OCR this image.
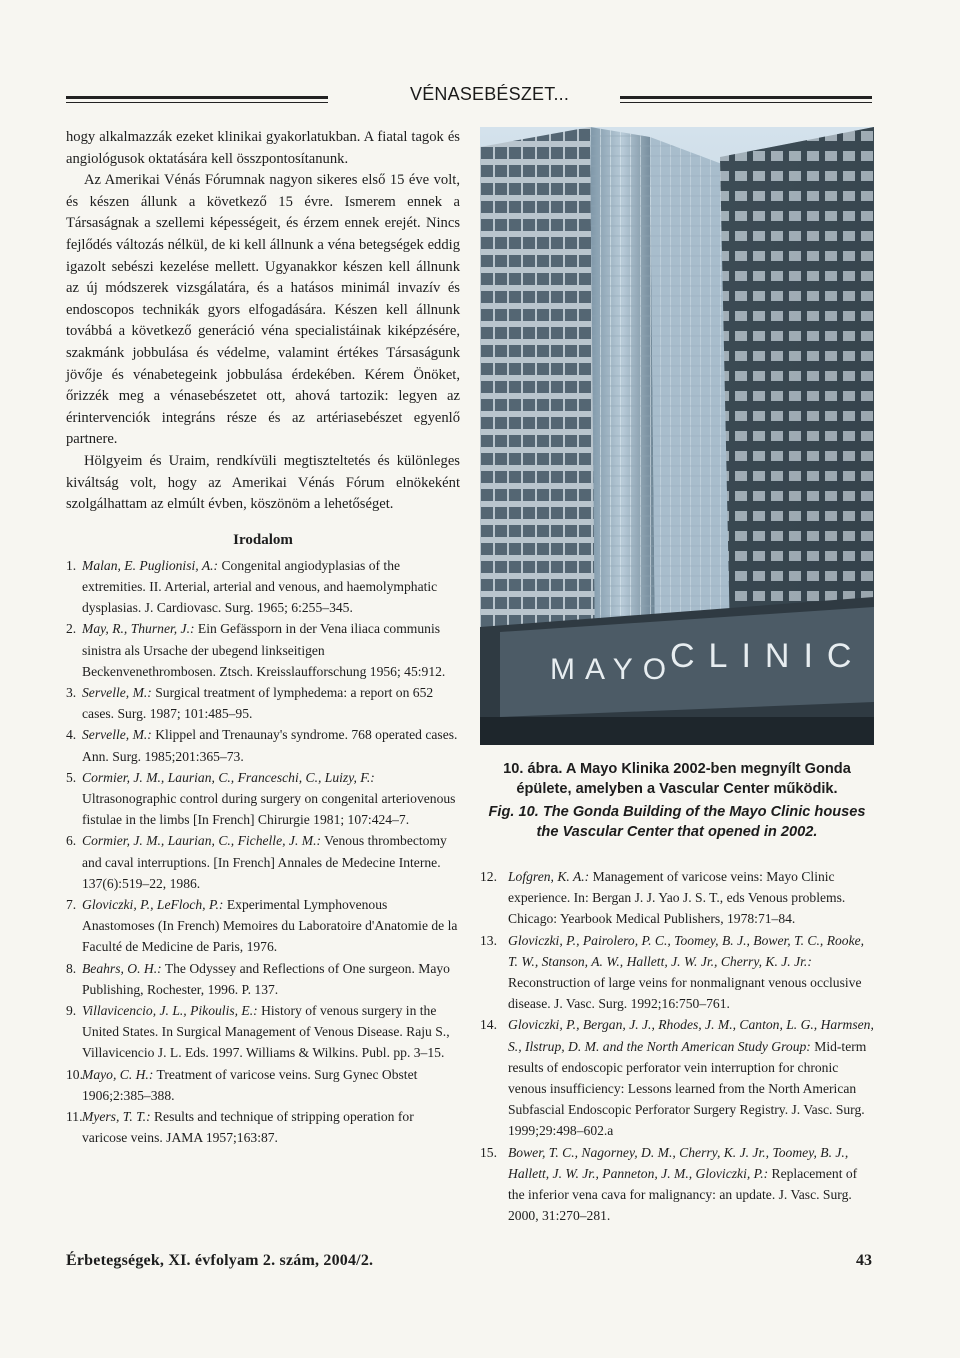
VÉNASEBÉSZET...

hogy alkalmazzák ezeket klinikai gyakorlatukban. A fiatal tagok és angiológusok oktatására kell összpontosítanunk.

Az Amerikai Vénás Fórumnak nagyon sikeres első 15 éve volt, és készen állunk a következő 15 évre. Ismerem ennek a Társaságnak a szellemi képességeit, és érzem ennek erejét. Nincs fejlődés változás nélkül, de ki kell állnunk a véna betegségek eddig igazolt sebészi kezelése mellett. Ugyanakkor készen kell állnunk az új módszerek vizsgálatára, és a hatásos minimál invazív és endoscopos technikák gyors elfogadására. Készen kell állnunk továbbá a következő generáció véna specialistáinak kiképzésére, szakmánk jobbulása és védelme, valamint értékes Társaságunk jövője és vénabetegeink jobbulása érdekében. Kérem Önöket, őrizzék meg a vénasebészetet ott, ahová tartozik: legyen az érintervenciók integráns része és az artériasebészet egyenlő partnere.

Hölgyeim és Uraim, rendkívüli megtiszteltetés és különleges kiváltság volt, hogy az Amerikai Vénás Fórum elnökeként szolgálhattam az elmúlt évben, köszönöm a lehetőséget.

Irodalom
1. Malan, E. Puglionisi, A.: Congenital angiodyplasias of the extremities. II. Arterial, arterial and venous, and haemolymphatic dysplasias. J. Cardiovasc. Surg. 1965; 6:255–345.
2. May, R., Thurner, J.: Ein Gefässporn in der Vena iliaca communis sinistra als Ursache der ubegend linkseitigen Beckenvenethrombosen. Ztsch. Kreisslaufforschung 1956; 45:912.
3. Servelle, M.: Surgical treatment of lymphedema: a report on 652 cases. Surg. 1987; 101:485–95.
4. Servelle, M.: Klippel and Trenaunay's syndrome. 768 operated cases. Ann. Surg. 1985;201:365–73.
5. Cormier, J. M., Laurian, C., Franceschi, C., Luizy, F.: Ultrasonographic control during surgery on congenital arteriovenous fistulae in the limbs [In French] Chirurgie 1981; 107:424–7.
6. Cormier, J. M., Laurian, C., Fichelle, J. M.: Venous thrombectomy and caval interruptions. [In French] Annales de Medecine Interne. 137(6):519–22, 1986.
7. Gloviczki, P., LeFloch, P.: Experimental Lymphovenous Anastomoses (In French) Memoires du Laboratoire d'Anatomie de la Faculté de Medicine de Paris, 1976.
8. Beahrs, O. H.: The Odyssey and Reflections of One surgeon. Mayo Publishing, Rochester, 1996. P. 137.
9. Villavicencio, J. L., Pikoulis, E.: History of venous surgery in the United States. In Surgical Management of Venous Disease. Raju S., Villavicencio J. L. Eds. 1997. Williams & Wilkins. Publ. pp. 3–15.
10. Mayo, C. H.: Treatment of varicose veins. Surg Gynec Obstet 1906;2:385–388.
11. Myers, T. T.: Results and technique of stripping operation for varicose veins. JAMA 1957;163:87.
MAYO
CLINIC

10. ábra. A Mayo Klinika 2002-ben megnyílt Gonda épülete, amelyben a Vascular Center működik.

Fig. 10. The Gonda Building of the Mayo Clinic houses the Vascular Center that opened in 2002.

12. Lofgren, K. A.: Management of varicose veins: Mayo Clinic experience. In: Bergan J. J. Yao J. S. T., eds Venous problems. Chicago: Yearbook Medical Publishers, 1978:71–84.
13. Gloviczki, P., Pairolero, P. C., Toomey, B. J., Bower, T. C., Rooke, T. W., Stanson, A. W., Hallett, J. W. Jr., Cherry, K. J. Jr.: Reconstruction of large veins for nonmalignant venous occlusive disease. J. Vasc. Surg. 1992;16:750–761.
14. Gloviczki, P., Bergan, J. J., Rhodes, J. M., Canton, L. G., Harmsen, S., Ilstrup, D. M. and the North American Study Group: Mid-term results of endoscopic perforator vein interruption for chronic venous insufficiency: Lessons learned from the North American Subfascial Endoscopic Perforator Surgery Registry. J. Vasc. Surg. 1999;29:498–602.a
15. Bower, T. C., Nagorney, D. M., Cherry, K. J. Jr., Toomey, B. J., Hallett, J. W. Jr., Panneton, J. M., Gloviczki, P.: Replacement of the inferior vena cava for malignancy: an update. J. Vasc. Surg. 2000, 31:270–281.
Érbetegségek, XI. évfolyam 2. szám, 2004/2.	43
